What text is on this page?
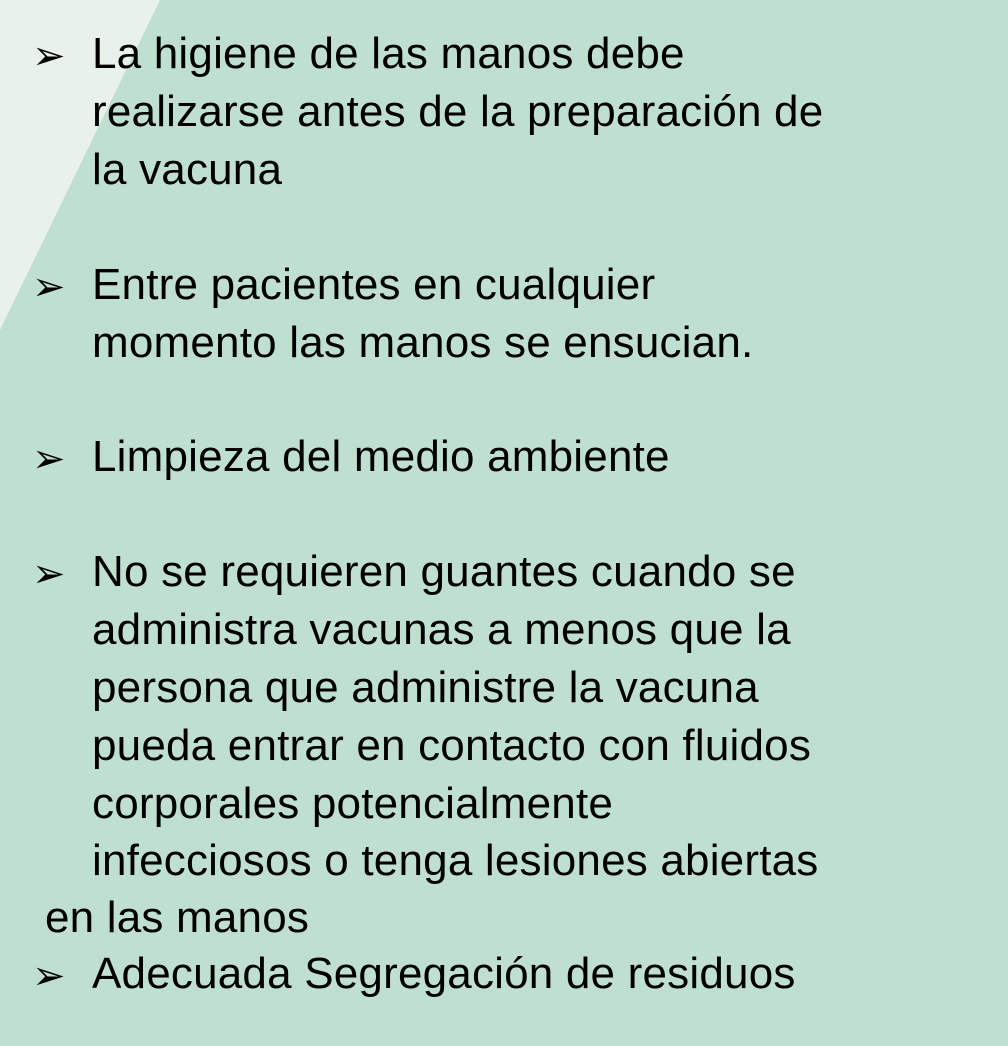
➢ La higiene de las manos debe
realizarse antes de la preparación de
la vacuna
➢ Entre pacientes en cualquier
momento las manos se ensucian.
➢ Limpieza del medio ambiente
➢ No se requieren guantes cuando se
administra vacunas a menos que la
persona que administre la vacuna
pueda entrar en contacto con fluidos
corporales potencialmente
infecciosos o tenga lesiones abiertas
en las manos
➢ Adecuada Segregación de residuos
